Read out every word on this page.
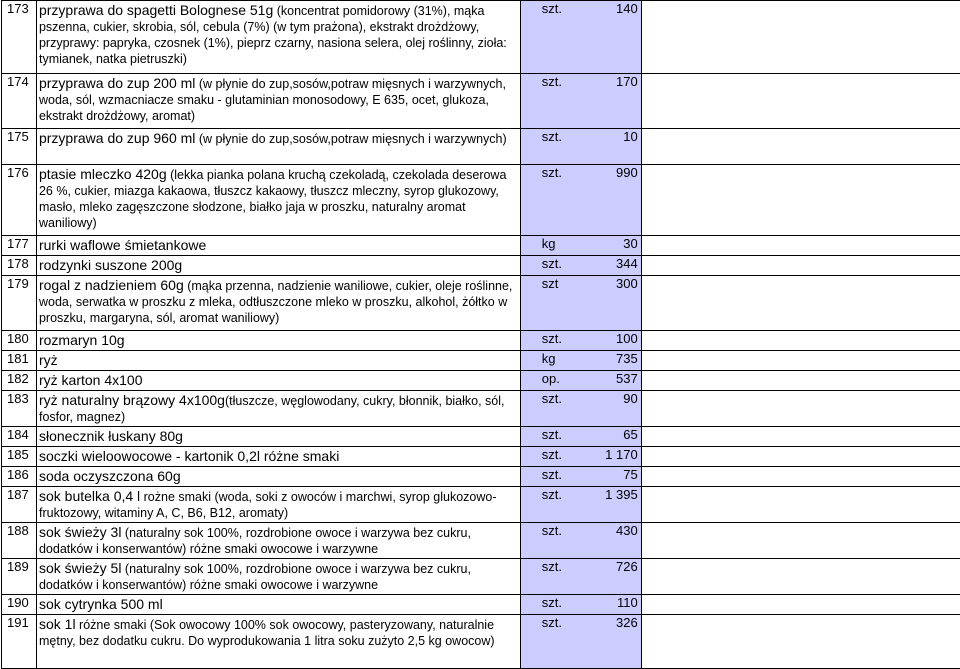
173	przyprawa do spagetti Bolognese 51g (koncentrat pomidorowy (31%), mąka pszenna, cukier, skrobia, sól, cebula (7%) (w tym prażona), ekstrakt drożdżowy, przyprawy: papryka, czosnek (1%), pieprz czarny, nasiona selera, olej roślinny, zioła: tymianek, natka pietruszki)	szt. 140	

174	przyprawa do zup 200 ml (w płynie do zup,sosów,potraw mięsnych i warzywnych, woda, sól, wzmacniacze smaku - glutaminian monosodowy, E 635, ocet, glukoza, ekstrakt drożdżowy, aromat)	szt. 170	

175	przyprawa do zup 960 ml (w płynie do zup,sosów,potraw mięsnych i warzywnych)	szt. 10	

176	ptasie mleczko 420g (lekka pianka polana kruchą czekoladą, czekolada deserowa 26 %, cukier, miazga kakaowa, tłuszcz kakaowy, tłuszcz mleczny, syrop glukozowy, masło, mleko zagęszczone słodzone, białko jaja w proszku, naturalny aromat waniliowy)	szt. 990	

177	rurki waflowe śmietankowe	kg 30	

178	rodzynki suszone 200g	szt. 344	

179	rogal z nadzieniem 60g (mąka przenna, nadzienie waniliowe, cukier, oleje roślinne, woda, serwatka w proszku z mleka, odtłuszczone mleko w proszku, alkohol, żółtko w proszku, margaryna, sól, aromat waniliowy)	szt 300	

180	rozmaryn 10g	szt. 100	

181	ryż	kg 735	

182	ryż karton 4x100	op. 537	

183	ryż naturalny brązowy 4x100g(tłuszcze, węglowodany, cukry, błonnik, białko, sól, fosfor, magnez)	szt. 90	

184	słonecznik łuskany 80g	szt. 65	

185	soczki wieloowocowe - kartonik 0,2l różne smaki	szt. 1 170	

186	soda oczyszczona 60g	szt. 75	

187	sok butelka 0,4 l rożne smaki (woda, soki z owoców i marchwi, syrop glukozowo-fruktozowy, witaminy A, C, B6, B12, aromaty)	szt. 1 395	

188	sok świeży 3l (naturalny sok 100%, rozdrobione owoce i warzywa bez cukru, dodatków i konserwantów) różne smaki owocowe i warzywne	szt. 430	

189	sok świeży 5l (naturalny sok 100%, rozdrobione owoce i warzywa bez cukru, dodatków i konserwantów) różne smaki owocowe i warzywne	szt. 726	

190	sok cytrynka 500 ml	szt. 110	

191	sok 1l różne smaki (Sok owocowy 100% sok owocowy, pasteryzowany, naturalnie mętny, bez dodatku cukru. Do wyprodukowania 1 litra soku zużyto 2,5 kg owocow)	szt. 326	
